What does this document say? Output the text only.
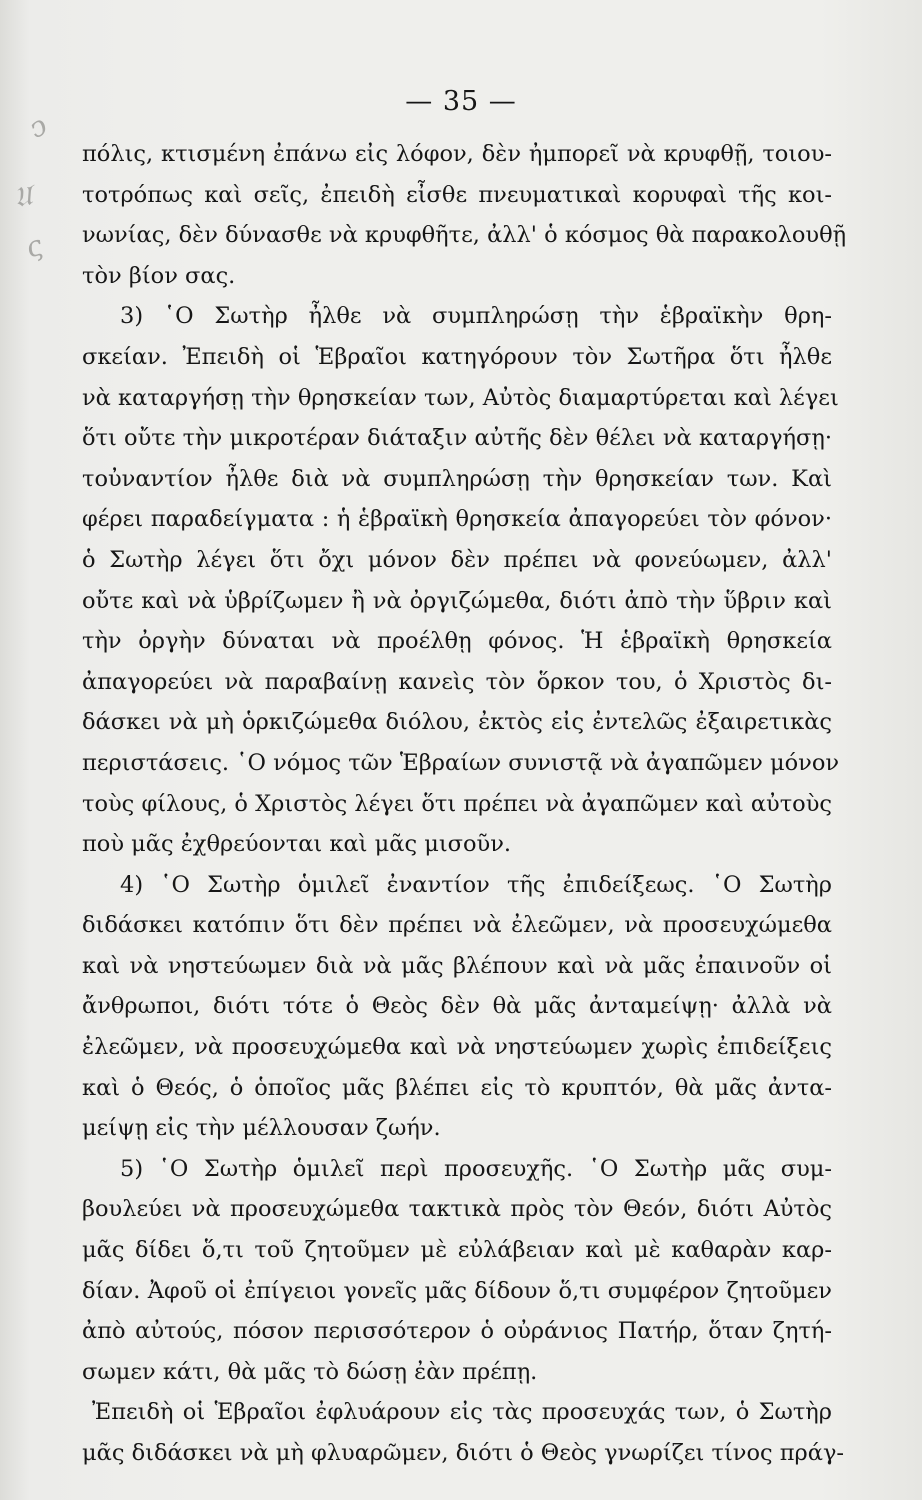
ͻ
𝔘
ς
— 35 —
πόλις, κτισμένη ἐπάνω εἰς λόφον, δὲν ἠμπορεῖ νὰ κρυφθῇ, τοιου-
τοτρόπως καὶ σεῖς, ἐπειδὴ εἶσθε πνευματικαὶ κορυφαὶ τῆς κοι-
νωνίας, δὲν δύνασθε νὰ κρυφθῆτε, ἀλλ' ὁ κόσμος θὰ παρακολουθῇ
τὸν βίον σας.
3) ῾Ο Σωτὴρ ἦλθε νὰ συμπληρώσῃ τὴν ἑβραϊκὴν θρη-
σκείαν. Ἐπειδὴ οἱ Ἑβραῖοι κατηγόρουν τὸν Σωτῆρα ὅτι ἦλθε
νὰ καταργήσῃ τὴν θρησκείαν των, Αὐτὸς διαμαρτύρεται καὶ λέγει
ὅτι οὔτε τὴν μικροτέραν διάταξιν αὐτῆς δὲν θέλει νὰ καταργήσῃ·
τοὐναντίον ἦλθε διὰ νὰ συμπληρώσῃ τὴν θρησκείαν των. Καὶ
φέρει παραδείγματα : ἡ ἑβραϊκὴ θρησκεία ἀπαγορεύει τὸν φόνον·
ὁ Σωτὴρ λέγει ὅτι ὄχι μόνον δὲν πρέπει νὰ φονεύωμεν, ἀλλ'
οὔτε καὶ νὰ ὑβρίζωμεν ἢ νὰ ὀργιζώμεθα, διότι ἀπὸ τὴν ὕβριν καὶ
τὴν ὀργὴν δύναται νὰ προέλθῃ φόνος. Ἡ ἑβραϊκὴ θρησκεία
ἀπαγορεύει νὰ παραβαίνῃ κανεὶς τὸν ὅρκον του, ὁ Χριστὸς δι-
δάσκει νὰ μὴ ὁρκιζώμεθα διόλου, ἐκτὸς εἰς ἐντελῶς ἐξαιρετικὰς
περιστάσεις. ῾Ο νόμος τῶν Ἑβραίων συνιστᾷ νὰ ἀγαπῶμεν μόνον
τοὺς φίλους, ὁ Χριστὸς λέγει ὅτι πρέπει νὰ ἀγαπῶμεν καὶ αὐτοὺς
ποὺ μᾶς ἐχθρεύονται καὶ μᾶς μισοῦν.
4) ῾Ο Σωτὴρ ὁμιλεῖ ἐναντίον τῆς ἐπιδείξεως. ῾Ο Σωτὴρ
διδάσκει κατόπιν ὅτι δὲν πρέπει νὰ ἐλεῶμεν, νὰ προσευχώμεθα
καὶ νὰ νηστεύωμεν διὰ νὰ μᾶς βλέπουν καὶ νὰ μᾶς ἐπαινοῦν οἱ
ἄνθρωποι, διότι τότε ὁ Θεὸς δὲν θὰ μᾶς ἀνταμείψῃ· ἀλλὰ νὰ
ἐλεῶμεν, νὰ προσευχώμεθα καὶ νὰ νηστεύωμεν χωρὶς ἐπιδείξεις
καὶ ὁ Θεός, ὁ ὁποῖος μᾶς βλέπει εἰς τὸ κρυπτόν, θὰ μᾶς ἀντα-
μείψῃ εἰς τὴν μέλλουσαν ζωήν.
5) ῾Ο Σωτὴρ ὁμιλεῖ περὶ προσευχῆς. ῾Ο Σωτὴρ μᾶς συμ-
βουλεύει νὰ προσευχώμεθα τακτικὰ πρὸς τὸν Θεόν, διότι Αὐτὸς
μᾶς δίδει ὅ,τι τοῦ ζητοῦμεν μὲ εὐλάβειαν καὶ μὲ καθαρὰν καρ-
δίαν. Ἀφοῦ οἱ ἐπίγειοι γονεῖς μᾶς δίδουν ὅ,τι συμφέρον ζητοῦμεν
ἀπὸ αὐτούς, πόσον περισσότερον ὁ οὐράνιος Πατήρ, ὅταν ζητή-
σωμεν κάτι, θὰ μᾶς τὸ δώσῃ ἐὰν πρέπῃ.
Ἐπειδὴ οἱ Ἑβραῖοι ἐφλυάρουν εἰς τὰς προσευχάς των, ὁ Σωτὴρ
μᾶς διδάσκει νὰ μὴ φλυαρῶμεν, διότι ὁ Θεὸς γνωρίζει τίνος πράγ-
